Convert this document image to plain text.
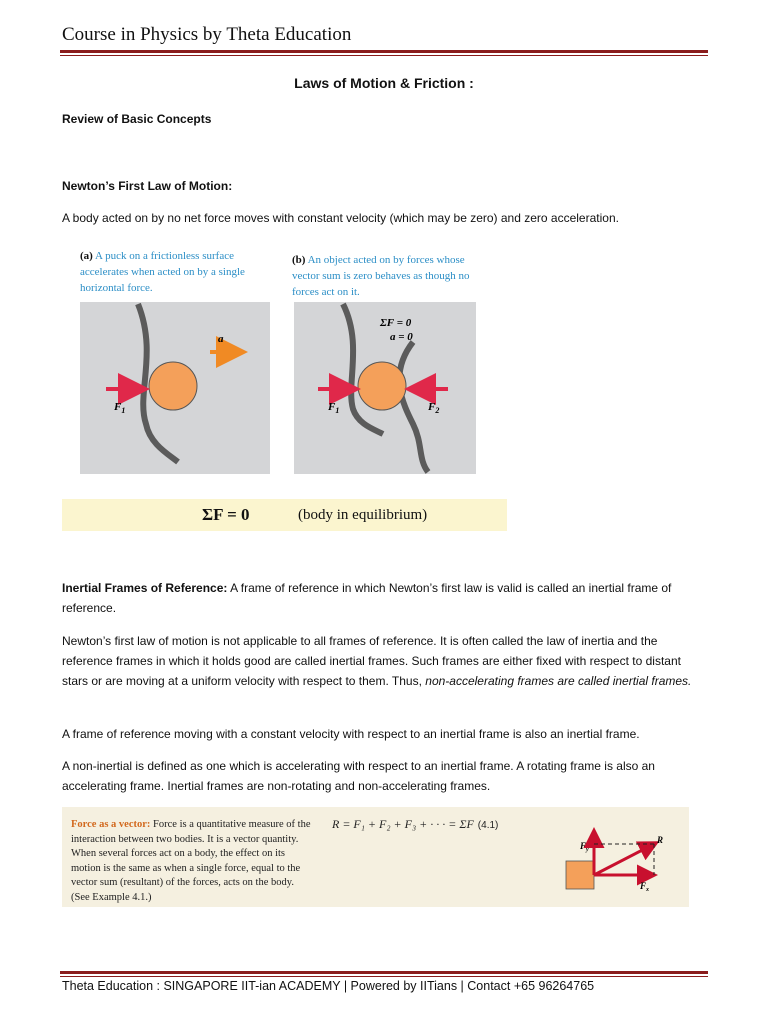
Course in Physics by Theta Education
Laws of Motion & Friction :
Review of Basic Concepts
Newton’s First Law of Motion:
A body acted on by no net force moves with constant velocity (which may be zero) and zero acceleration.
(a) A puck on a frictionless surface accelerates when acted on by a single horizontal force.
(b) An object acted on by forces whose vector sum is zero behaves as though no forces act on it.
a
$F_1$
ΣF = 0
a = 0
$F_1$	$F_2$
ΣF = 0	(body in equilibrium)
Inertial Frames of Reference: A frame of reference in which Newton’s first law is valid is called an inertial frame of reference.
Newton’s first law of motion is not applicable to all frames of reference. It is often called the law of inertia and the reference frames in which it holds good are called inertial frames. Such frames are either fixed with respect to distant stars or are moving at a uniform velocity with respect to them. Thus, non-accelerating frames are called inertial frames.
A frame of reference moving with a constant velocity with respect to an inertial frame is also an inertial frame.
A non-inertial is defined as one which is accelerating with respect to an inertial frame. A rotating frame is also an accelerating frame. Inertial frames are non-rotating and non-accelerating frames.
Force as a vector: Force is a quantitative measure of the interaction between two bodies. It is a vector quantity. When several forces act on a body, the effect on its motion is the same as when a single force, equal to the vector sum (resultant) of the forces, acts on the body. (See Example 4.1.)
R = F₁ + F₂ + F₃ + · · · = ΣF (4.1)
R
$F_y$
$F_x$
Theta Education : SINGAPORE IIT-ian ACADEMY | Powered by IITians | Contact +65 96264765
